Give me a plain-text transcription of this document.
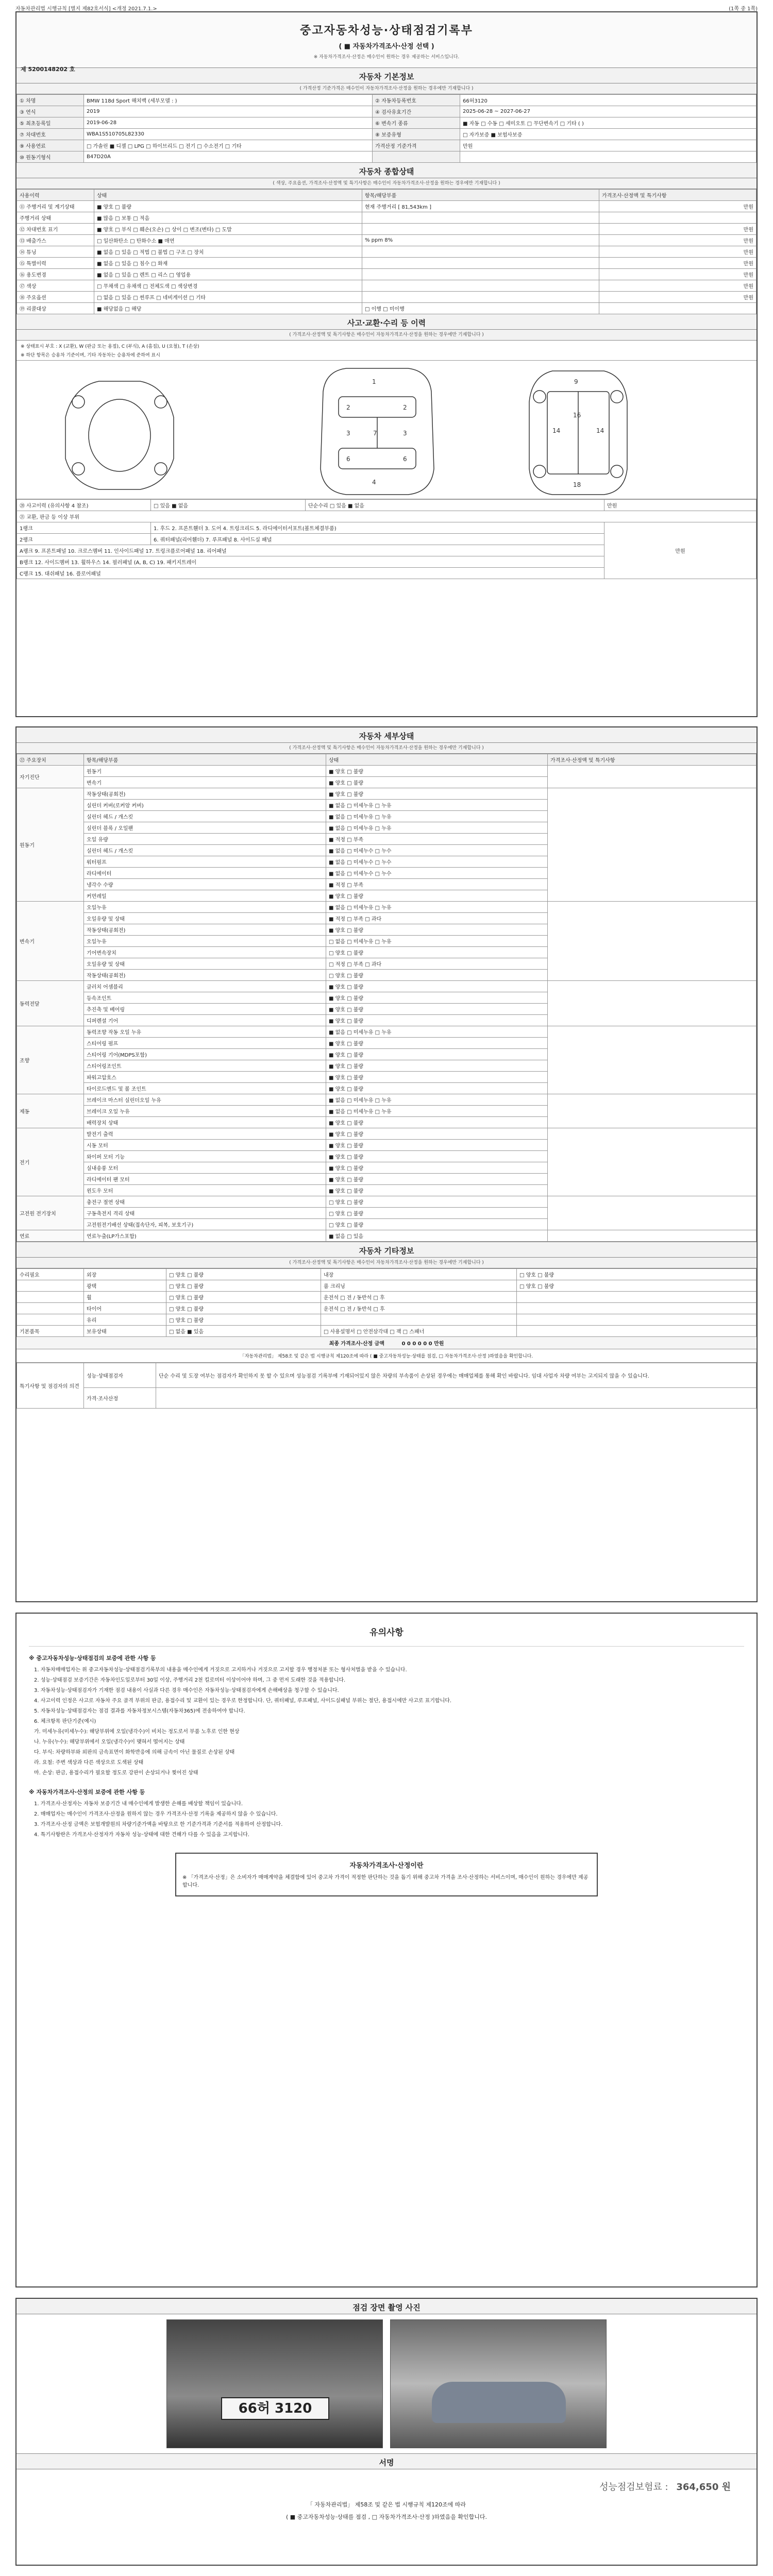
자동차관리법 시행규칙 [별지 제82호서식] <개정 2021.7.1.>	(1쪽 중 1쪽)
중고자동차성능·상태점검기록부
( ■ 자동차가격조사·산정 선택 )
※ 자동차가격조사·산정은 매수인이 원하는 경우 제공하는 서비스입니다.
제 5200148202 호
자동차 기본정보
( 가격산정 기준가격은 매수인이 자동차가격조사·산정을 원하는 경우에만 기재합니다 )
① 차명	BMW 118d Sport 해치백 (세부모델 : )	② 자동차등록번호	66허3120
③ 연식	2019	④ 검사유효기간	2025-06-28 ~ 2027-06-27
⑤ 최초등록일	2019-06-28	⑥ 변속기 종류	■ 자동 □ 수동 □ 세미오토 □ 무단변속기 □ 기타 ( )
⑦ 차대번호	WBA1S510705L82330	⑧ 보증유형	□ 자가보증 ■ 보험사보증
⑨ 사용연료	□ 가솔린 ■ 디젤 □ LPG □ 하이브리드 □ 전기 □ 수소전기 □ 기타	가격산정 기준가격	만원
⑩ 원동기형식	B47D20A		
자동차 종합상태
( 색상, 주요옵션, 가격조사·산정액 및 특기사항은 매수인이 자동차가격조사·산정을 원하는 경우에만 기재합니다 )
사용이력	상태	항목/해당부품	가격조사·산정액 및 특기사항
⑪ 주행거리 및 계기상태	■ 양호 □ 불량	현재 주행거리 [ 81,543km ]	만원
주행거리 상태	■ 많음 □ 보통 □ 적음		
⑫ 차대번호 표기	■ 양호 □ 부식 □ 훼손(오손) □ 상이 □ 변조(변타) □ 도말		만원
⑬ 배출가스	□ 일산화탄소 □ 탄화수소 ■ 매연	% ppm 8%	만원
⑭ 튜닝	■ 없음 □ 있음 □ 적법 □ 불법 □ 구조 □ 장치		만원
⑮ 특별이력	■ 없음 □ 있음 □ 침수 □ 화재		만원
⑯ 용도변경	■ 없음 □ 있음 □ 렌트 □ 리스 □ 영업용		만원
⑰ 색상	□ 무채색 □ 유채색 □ 전체도색 □ 색상변경		만원
⑱ 주요옵션	□ 없음 □ 있음 □ 썬루프 □ 네비게이션 □ 기타		만원
⑲ 리콜대상	■ 해당없음 □ 해당	□ 이행 □ 미이행	
사고·교환·수리 등 이력
( 가격조사·산정액 및 특기사항은 매수인이 자동차가격조사·산정을 원하는 경우에만 기재합니다 )
※ 상태표시 부호 : X (교환), W (판금 또는 용접), C (부식), A (흠집), U (요철), T (손상)
※ 하단 항목은 승용차 기준이며, 기타 자동차는 승용차에 준하여 표시
1
2	2
3	3
7
4
6	6
9
14	14
16
18
⑳ 사고이력 (유의사항 4 참조)	□ 있음 ■ 없음	단순수리 □ 있음 ■ 없음	만원
㉑ 교환, 판금 등 이상 부위			
1랭크	1. 후드 2. 프론트휀더 3. 도어 4. 트렁크리드 5. 라디에이터서포트(볼트체결부품)		만원
2랭크	6. 쿼터패널(리어휀더) 7. 루프패널 8. 사이드실 패널		
A랭크 9. 프론트패널 10. 크로스멤버 11. 인사이드패널 17. 트렁크플로어패널 18. 리어패널			
B랭크 12. 사이드멤버 13. 휠하우스 14. 필러패널 (A, B, C) 19. 패키지트레이			
C랭크 15. 대쉬패널 16. 플로어패널			
자동차 세부상태
( 가격조사·산정액 및 특기사항은 매수인이 자동차가격조사·산정을 원하는 경우에만 기재합니다 )
㉒ 주요장치	항목/해당부품	상태	가격조사·산정액 및 특기사항
자기진단	원동기	■ 양호 □ 불량	
	변속기	■ 양호 □ 불량	
원동기	작동상태(공회전)	■ 양호 □ 불량	
	실린더 커버(로커암 커버)	■ 없음 □ 미세누유 □ 누유	
	실린더 헤드 / 개스킷	■ 없음 □ 미세누유 □ 누유	
	실린더 블록 / 오일팬	■ 없음 □ 미세누유 □ 누유	
	오일 유량	■ 적정 □ 부족	
	실린더 헤드 / 개스킷	■ 없음 □ 미세누수 □ 누수	
	워터펌프	■ 없음 □ 미세누수 □ 누수	
	라디에이터	■ 없음 □ 미세누수 □ 누수	
	냉각수 수량	■ 적정 □ 부족	
	커먼레일	■ 양호 □ 불량	
변속기	오일누유	■ 없음 □ 미세누유 □ 누유	
	오일유량 및 상태	■ 적정 □ 부족 □ 과다	
	작동상태(공회전)	■ 양호 □ 불량	
	오일누유	□ 없음 □ 미세누유 □ 누유	
	기어변속장치	□ 양호 □ 불량	
	오일유량 및 상태	□ 적정 □ 부족 □ 과다	
	작동상태(공회전)	□ 양호 □ 불량	
동력전달	클러치 어셈블리	■ 양호 □ 불량	
	등속조인트	■ 양호 □ 불량	
	추진축 및 베어링	■ 양호 □ 불량	
	디퍼렌셜 기어	■ 양호 □ 불량	
조향	동력조향 작동 오일 누유	■ 없음 □ 미세누유 □ 누유	
	스티어링 펌프	■ 양호 □ 불량	
	스티어링 기어(MDPS포함)	■ 양호 □ 불량	
	스티어링조인트	■ 양호 □ 불량	
	파워고압호스	■ 양호 □ 불량	
	타이로드엔드 및 볼 조인트	■ 양호 □ 불량	
제동	브레이크 마스터 실린더오일 누유	■ 없음 □ 미세누유 □ 누유	
	브레이크 오일 누유	■ 없음 □ 미세누유 □ 누유	
	배력장치 상태	■ 양호 □ 불량	
전기	발전기 출력	■ 양호 □ 불량	
	시동 모터	■ 양호 □ 불량	
	와이퍼 모터 기능	■ 양호 □ 불량	
	실내송풍 모터	■ 양호 □ 불량	
	라디에이터 팬 모터	■ 양호 □ 불량	
	윈도우 모터	■ 양호 □ 불량	
고전원 전기장치	충전구 절연 상태	□ 양호 □ 불량	
	구동축전지 격리 상태	□ 양호 □ 불량	
	고전원전기배선 상태(접속단자, 피복, 보호기구)	□ 양호 □ 불량	
연료	연료누출(LP가스포함)	■ 없음 □ 있음	
자동차 기타정보
( 가격조사·산정액 및 특기사항은 매수인이 자동차가격조사·산정을 원하는 경우에만 기재합니다 )
수리필요	외장	□ 양호 □ 불량	내장	□ 양호 □ 불량
	광택	□ 양호 □ 불량	룸 크리닝	□ 양호 □ 불량
	휠	□ 양호 □ 불량	운전석 □ 전 / 동반석 □ 후	
	타이어	□ 양호 □ 불량	운전석 □ 전 / 동반석 □ 후	
	유리	□ 양호 □ 불량		
기본품목	보유상태	□ 없음 ■ 있음	□ 사용설명서 □ 안전삼각대 □ 잭 □ 스패너	
최종 가격조사·산정 금액	0 0 0 0 0 0 만원
「자동차관리법」 제58조 및 같은 법 시행규칙 제120조에 따라 ( ■ 중고자동차성능·상태를 점검, □ 자동차가격조사·산정 )하였음을 확인합니다.
특기사항 및 점검자의 의견	성능·상태점검자	단순 수리 및 도장 여부는 점검자가 확인하지 못 할 수 있으며 성능점검 기록부에 기재되어있지 않은 차량의 부속품이 손상된 경우에는 매매업체를 통해 확인 바랍니다. 임대 사업자 차량 여부는 고지되지 않을 수 있습니다.
	가격·조사산정	
유의사항
※ 중고자동차성능·상태점검의 보증에 관한 사항 등
1. 자동차매매업자는 위 중고자동차성능·상태점검기록부의 내용을 매수인에게 거짓으로 고지하거나 거짓으로 고지할 경우 행정처분 또는 형사처벌을 받을 수 있습니다.
2. 성능·상태점검 보증기간은 자동차인도일로부터 30일 이상, 주행거리 2천 킬로미터 이상이어야 하며, 그 중 먼저 도래한 것을 적용합니다.
3. 자동차성능·상태점검자가 기재한 점검 내용이 사실과 다른 경우 매수인은 자동차성능·상태점검자에게 손해배상을 청구할 수 있습니다.
4. 사고이력 인정은 사고로 자동차 주요 골격 부위의 판금, 용접수리 및 교환이 있는 경우로 한정합니다. 단, 쿼터패널, 루프패널, 사이드실패널 부위는 절단, 용접시에만 사고로 표기합니다.
5. 자동차성능·상태점검자는 점검 결과를 자동차정보시스템(자동차365)에 전송하여야 합니다.
6. 체크항목 판단기준(예시)
가. 미세누유(미세누수): 해당부위에 오일(냉각수)이 비치는 정도로서 부품 노후로 인한 현상
나. 누유(누수): 해당부위에서 오일(냉각수)이 맺혀서 떨어지는 상태
다. 부식: 차량하부와 외판의 금속표면이 화학반응에 의해 금속이 아닌 물질로 손상된 상태
라. 요철: 주변 색상과 다른 색상으로 도색된 상태
마. 손상: 판금, 용접수리가 필요할 정도로 강판이 손상되거나 찢어진 상태
※ 자동차가격조사·산정의 보증에 관한 사항 등
1. 가격조사·산정자는 자동차 보증기간 내 매수인에게 발생한 손해를 배상할 책임이 있습니다.
2. 매매업자는 매수인이 가격조사·산정을 원하지 않는 경우 가격조사·산정 기록을 제공하지 않을 수 있습니다.
3. 가격조사·산정 금액은 보험개발원의 차량기준가액을 바탕으로 한 기준가격과 기준서를 적용하여 산정합니다.
4. 특기사항란은 가격조사·산정자가 자동차 성능·상태에 대한 견해가 다를 수 있음을 고지합니다.
자동차가격조사·산정이란
※ 「가격조사·산정」은 소비자가 매매계약을 체결함에 있어 중고차 가격이 적정한 판단하는 것을 돕기 위해 중고차 가격을 조사·산정하는 서비스이며, 매수인이 원하는 경우에만 제공합니다.
점검 장면 촬영 사진
66허 3120
서명
성능점검보험료 : 364,650 원
「 자동차관리법」 제58조 및 같은 법 시행규칙 제120조에 따라
( ■ 중고자동차성능·상태를 점검 , □ 자동차가격조사·산정 )하였음을 확인합니다.
